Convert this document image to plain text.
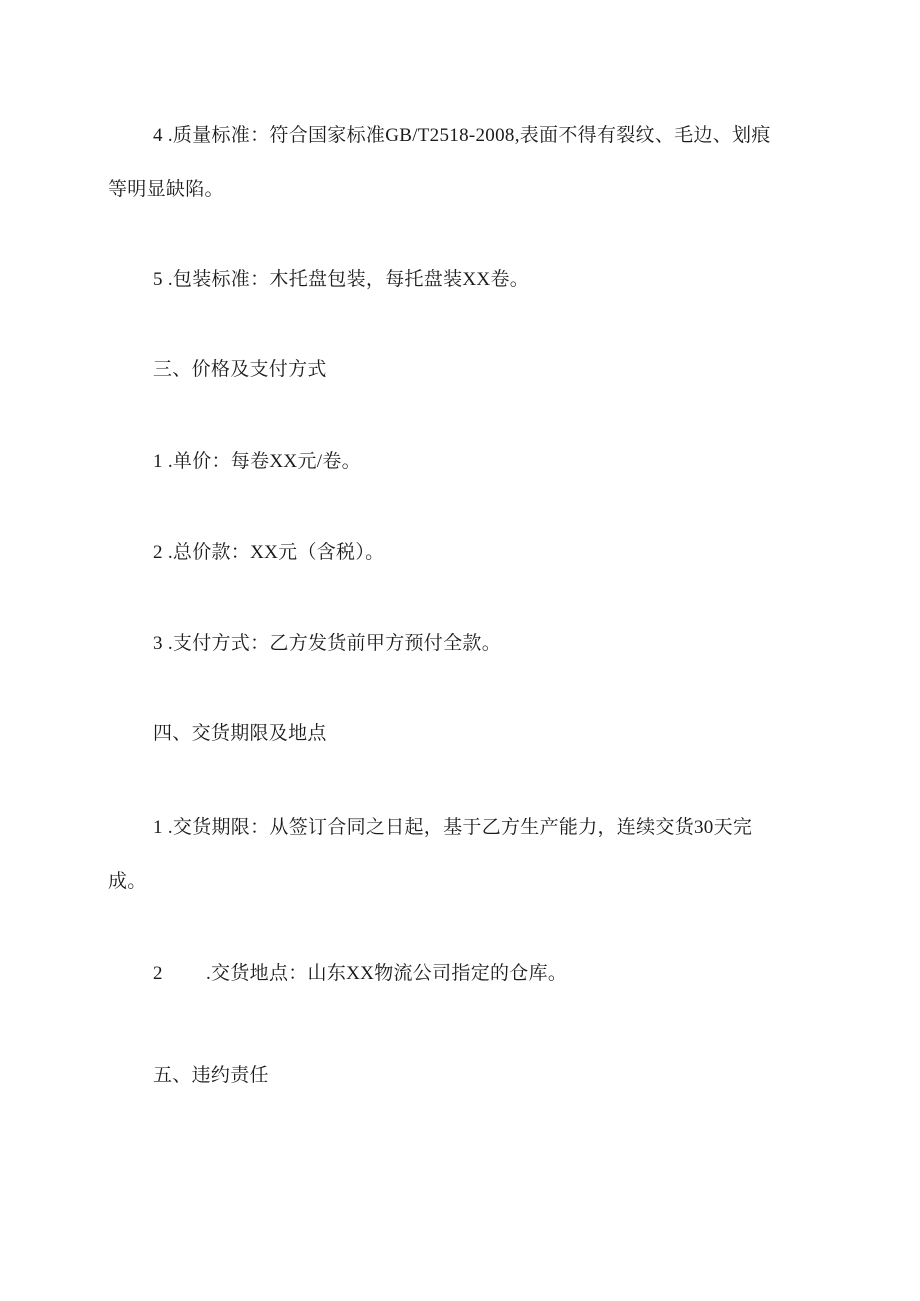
4 .质量标准：符合国家标准GB/T2518-2008,表面不得有裂纹、毛边、划痕
等明显缺陷。
5 .包装标准：木托盘包装，每托盘装XX卷。
三、价格及支付方式
1 .单价：每卷XX元/卷。
2 .总价款：XX元（含税）。
3 .支付方式：乙方发货前甲方预付全款。
四、交货期限及地点
1 .交货期限：从签订合同之日起，基于乙方生产能力，连续交货30天完
成。
2 .交货地点：山东XX物流公司指定的仓库。
五、违约责任
